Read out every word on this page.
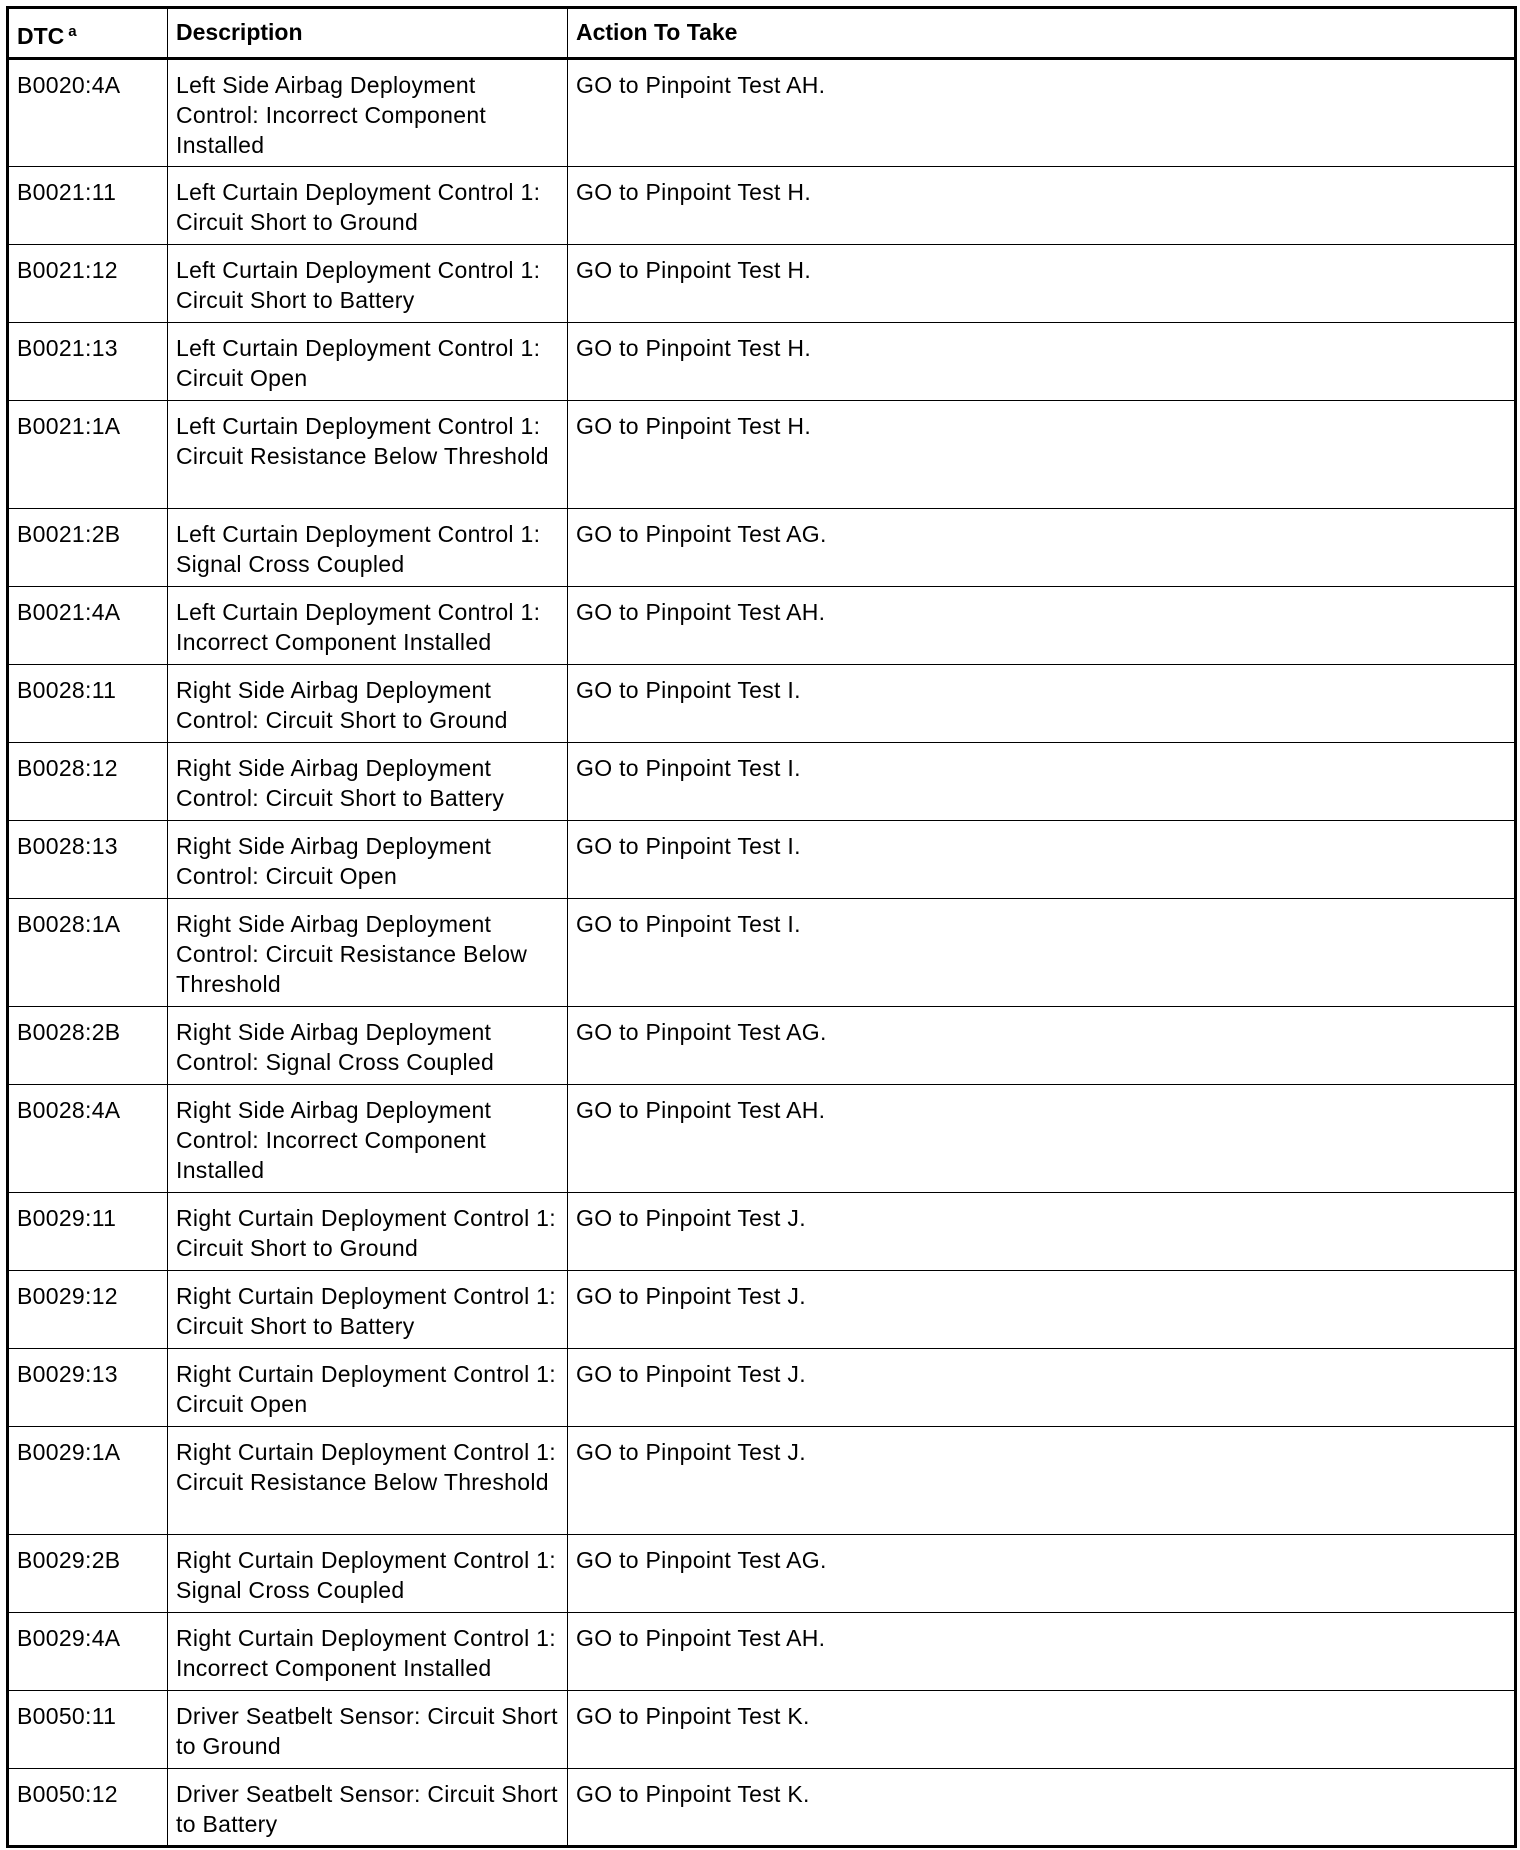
DTC $^a$	Description	Action To Take
B0020:4A	Left Side Airbag Deployment Control: Incorrect Component Installed	GO to Pinpoint Test AH.
B0021:11	Left Curtain Deployment Control 1: Circuit Short to Ground	GO to Pinpoint Test H.
B0021:12	Left Curtain Deployment Control 1: Circuit Short to Battery	GO to Pinpoint Test H.
B0021:13	Left Curtain Deployment Control 1: Circuit Open	GO to Pinpoint Test H.
B0021:1A	Left Curtain Deployment Control 1: Circuit Resistance Below Threshold	GO to Pinpoint Test H.
B0021:2B	Left Curtain Deployment Control 1: Signal Cross Coupled	GO to Pinpoint Test AG.
B0021:4A	Left Curtain Deployment Control 1: Incorrect Component Installed	GO to Pinpoint Test AH.
B0028:11	Right Side Airbag Deployment Control: Circuit Short to Ground	GO to Pinpoint Test I.
B0028:12	Right Side Airbag Deployment Control: Circuit Short to Battery	GO to Pinpoint Test I.
B0028:13	Right Side Airbag Deployment Control: Circuit Open	GO to Pinpoint Test I.
B0028:1A	Right Side Airbag Deployment Control: Circuit Resistance Below Threshold	GO to Pinpoint Test I.
B0028:2B	Right Side Airbag Deployment Control: Signal Cross Coupled	GO to Pinpoint Test AG.
B0028:4A	Right Side Airbag Deployment Control: Incorrect Component Installed	GO to Pinpoint Test AH.
B0029:11	Right Curtain Deployment Control 1: Circuit Short to Ground	GO to Pinpoint Test J.
B0029:12	Right Curtain Deployment Control 1: Circuit Short to Battery	GO to Pinpoint Test J.
B0029:13	Right Curtain Deployment Control 1: Circuit Open	GO to Pinpoint Test J.
B0029:1A	Right Curtain Deployment Control 1: Circuit Resistance Below Threshold	GO to Pinpoint Test J.
B0029:2B	Right Curtain Deployment Control 1: Signal Cross Coupled	GO to Pinpoint Test AG.
B0029:4A	Right Curtain Deployment Control 1: Incorrect Component Installed	GO to Pinpoint Test AH.
B0050:11	Driver Seatbelt Sensor: Circuit Short to Ground	GO to Pinpoint Test K.
B0050:12	Driver Seatbelt Sensor: Circuit Short to Battery	GO to Pinpoint Test K.
